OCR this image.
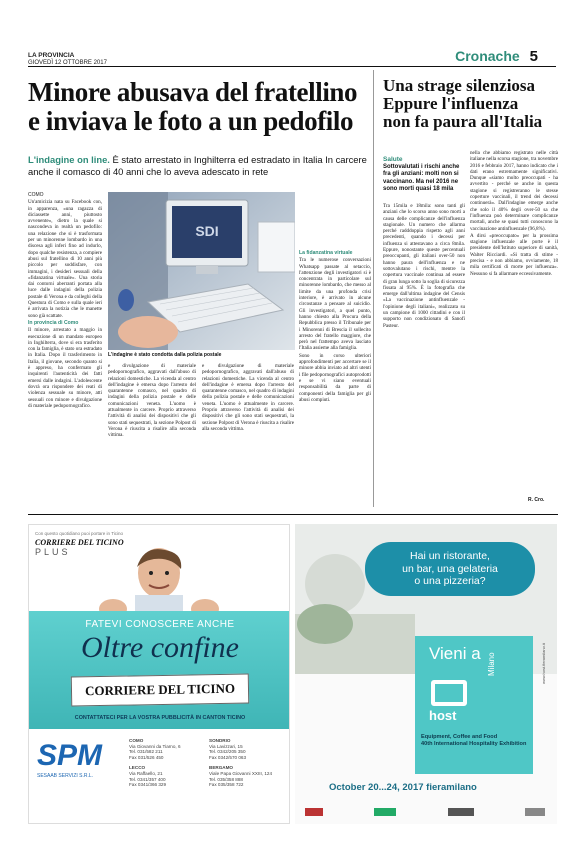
LA PROVINCIA
GIOVEDÌ 12 OTTOBRE 2017	Cronache 5
Minore abusava del fratellino
e inviava le foto a un pedofilo
L'indagine on line. È stato arrestato in Inghilterra ed estradato in Italia In carcere anche il comasco di 40 anni che lo aveva adescato in rete

COMO

Un'amicizia nata su Facebook con, in apparenza, «una ragazza di diciassette anni, piuttosto avvenente», dietro la quale si nascondeva in realtà un pedofilo: una relazione che si è trasformata per un minorenne lombardo in una discesa agli inferi fino ad indurlo, dopo qualche resistenza, a compiere abusi sul fratellino di 10 anni più piccolo per soddisfare, con immagini, i desideri sessuali della «fidanzatina virtuale». Una storia dai contorni aberranti portata alla luce dalle indagini della polizia postale di Verona e da colleghi della Questura di Como e sulla quale ieri è arrivata la notizia che le manette sono già scattate.

In provincia di Como

Il minore, arrestato a maggio in esecuzione di un mandato europeo in Inghilterra, dove si era trasferito con la famiglia, è stato ora estradato in Italia. Dopo il trasferimento in Italia, il giovane, secondo quanto si è appreso, ha confermato gli inquirenti l'autenticità dei fatti emersi dalle indagini. L'adolescente dovrà ora rispondere dei reati di violenza sessuale su minore, atti sessuali con minore e divulgazione di materiale pedopornografico.

SDI
L'indagine è stato condotta dalla polizia postale

e divulgazione di materiale pedopornografico, aggravati dall'abuso di relazioni domestiche. La vicenda al centro dell'indagine è emersa dopo l'arresto del quarantenne comasco, nel quadro di indagini della polizia postale e delle comunicazioni veneta. L'uomo è attualmente in carcere. Proprio attraverso l'attività di analisi dei dispositivi che gli sono stati sequestrati, la sezione Polpost di Verona è riuscita a risalire alla seconda vittima.

e divulgazione di materiale pedopornografico, aggravati dall'abuso di relazioni domestiche. La vicenda al centro dell'indagine è emersa dopo l'arresto del quarantenne comasco, nel quadro di indagini della polizia postale e delle comunicazioni veneta. L'uomo è attualmente in carcere. Proprio attraverso l'attività di analisi dei dispositivi che gli sono stati sequestrati, la sezione Polpost di Verona è riuscita a risalire alla seconda vittima.

La fidanzatina virtuale

Tra le numerose conversazioni Whatsapp passate al setaccio, l'attenzione degli investigatori si è concentrata in particolare sul minorenne lombardo, che messo al limite da una profonda crisi interiore, è arrivato in alcune circostanze a pensare al suicidio. Gli investigatori, a quel punto, hanno chiesto alla Procura della Repubblica presso il Tribunale per i Minorenni di Brescia il sollecito arresto del fratello maggiore, che però nel frattempo aveva lasciato l'Italia assieme alla famiglia.

Sono in corso ulteriori approfondimenti per accertare se il minore abbia inviato ad altri utenti i file pedopornografici autoprodotti e se vi siano eventuali responsabilità da parte di componenti della famiglia per gli abusi compiuti.

Una strage silenziosa
Eppure l'influenza
non fa paura all'Italia
Salute
Sottovalutati i rischi anche fra gli anziani: molti non si vaccinano. Ma nel 2016 ne sono morti quasi 18 mila

Tra 15mila e 18mila: sono tanti gli anziani che lo scorso anno sono morti a causa delle complicanze dell'influenza stagionale. Un numero che allarma perché radddoppia rispetto agli anni precedenti, quando i decessi per influenza si attestavano a circa 8mila. Eppure, nonostante queste percentuali preoccupanti, gli italiani over-50 non hanno paura dell'influenza e ne sottovalutano i rischi, mentre la copertura vaccinale continua ad essere di gran lunga sotto la soglia di sicurezza fissata al 95%. È la fotografia che emerge dall'ultima indagine del Censis «La vaccinazione antinfluenzale - l'opinione degli italiani», realizzata su un campione di 1000 cittadini e con il supporto non condizionato di Sanofi Pasteur.

nella che abbiamo registrato nelle città italiane nella scorsa stagione, tra novembre 2016 e febbraio 2017, hanno indicato che i dati erano estremamente significativi. Dunque «siamo molto preoccupati - ha avvertito - perché se anche in questa stagione si registreranno le stesse coperture vaccinali, il trend dei decessi continuerà». Dall'indagine emerge anche che solo il 40% degli over-50 sa che l'influenza può determinare complicanze mortali, anche se quasi tutti conoscono la vaccinazione antinfluenzale (96,8%).

A dirsi «preoccupato» per la prossima stagione influenzale alle porte è il presidente dell'Istituto superiore di sanità, Walter Ricciardi. «Si tratta di stime - precisa - e non abbiamo, ovviamente, 18 mila certificati di morte per influenza». Nessuno si fa allarmare eccessivamente.

R. Cro.
Con questo quotidiano puoi portare in Ticino
CORRIERE DEL TICINO
PLUS
FATEVI CONOSCERE ANCHE
Oltre confine
CORRIERE DEL TICINO
CONTATTATECI PER LA VOSTRA PUBBLICITÀ IN CANTON TICINO
SPM
SESAAB SERVIZI S.R.L.
COMO
Via Giovanni da Tiarno, 6
Tel. 031/582 211
Fax 031/526 450
SONDRIO
Via Lavizzari, 15
Tel. 0342/205 350
Fax 0342/570 063
LECCO
Via Raffaello, 21
Tel. 0341/357 400
Fax 0341/366 329
BERGAMO
Viale Papa Giovanni XXIII, 124
Tel. 035/358 888
Fax 035/358 722
Hai un ristorante,
un bar, una gelateria
o una pizzeria?
Vieni a
host
Milano
Equipment, Coffee and Food
40th International Hospitality Exhibition
October 20...24, 2017 fieramilano
www.host.fieramilano.it
